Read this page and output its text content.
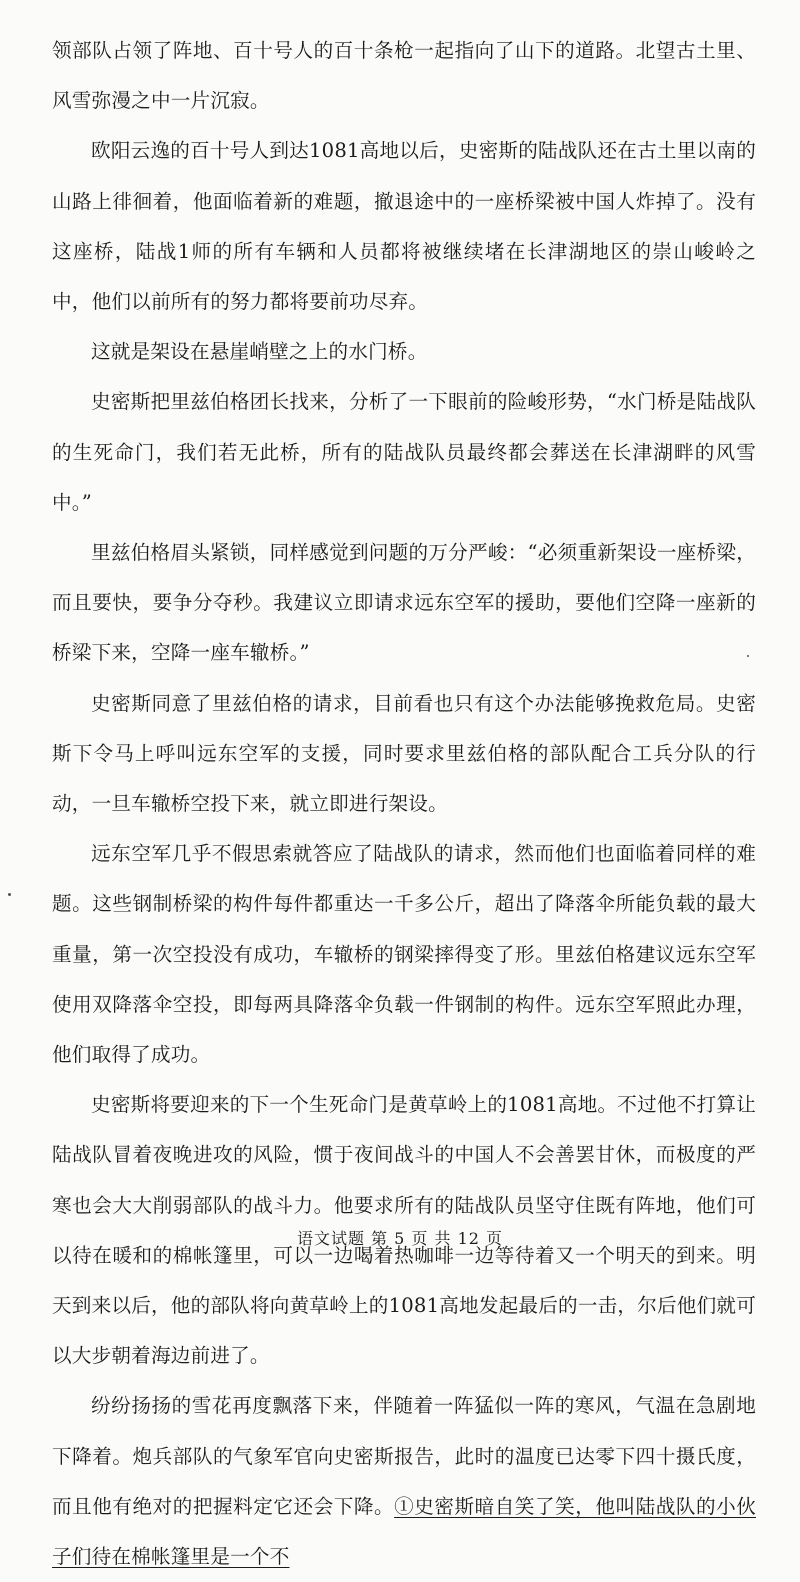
领部队占领了阵地、百十号人的百十条枪一起指向了山下的道路。北望古土里、风雪弥漫之中一片沉寂。

欧阳云逸的百十号人到达1081高地以后，史密斯的陆战队还在古土里以南的山路上徘徊着，他面临着新的难题，撤退途中的一座桥梁被中国人炸掉了。没有这座桥，陆战1师的所有车辆和人员都将被继续堵在长津湖地区的崇山峻岭之中，他们以前所有的努力都将要前功尽弃。

这就是架设在悬崖峭壁之上的水门桥。

史密斯把里兹伯格团长找来，分析了一下眼前的险峻形势，“水门桥是陆战队的生死命门，我们若无此桥，所有的陆战队员最终都会葬送在长津湖畔的风雪中。”

里兹伯格眉头紧锁，同样感觉到问题的万分严峻：“必须重新架设一座桥梁，而且要快，要争分夺秒。我建议立即请求远东空军的援助，要他们空降一座新的桥梁下来，空降一座车辙桥。”

史密斯同意了里兹伯格的请求，目前看也只有这个办法能够挽救危局。史密斯下令马上呼叫远东空军的支援，同时要求里兹伯格的部队配合工兵分队的行动，一旦车辙桥空投下来，就立即进行架设。

远东空军几乎不假思索就答应了陆战队的请求，然而他们也面临着同样的难题。这些钢制桥梁的构件每件都重达一千多公斤，超出了降落伞所能负载的最大重量，第一次空投没有成功，车辙桥的钢梁摔得变了形。里兹伯格建议远东空军使用双降落伞空投，即每两具降落伞负载一件钢制的构件。远东空军照此办理，他们取得了成功。

史密斯将要迎来的下一个生死命门是黄草岭上的1081高地。不过他不打算让陆战队冒着夜晚进攻的风险，惯于夜间战斗的中国人不会善罢甘休，而极度的严寒也会大大削弱部队的战斗力。他要求所有的陆战队员坚守住既有阵地，他们可以待在暖和的棉帐篷里，可以一边喝着热咖啡一边等待着又一个明天的到来。明天到来以后，他的部队将向黄草岭上的1081高地发起最后的一击，尔后他们就可以大步朝着海边前进了。

纷纷扬扬的雪花再度飘落下来，伴随着一阵猛似一阵的寒风，气温在急剧地下降着。炮兵部队的气象军官向史密斯报告，此时的温度已达零下四十摄氏度，而且他有绝对的把握料定它还会下降。①史密斯暗自笑了笑，他叫陆战队的小伙子们待在棉帐篷里是一个不

语文试题 第 5 页 共 12 页
